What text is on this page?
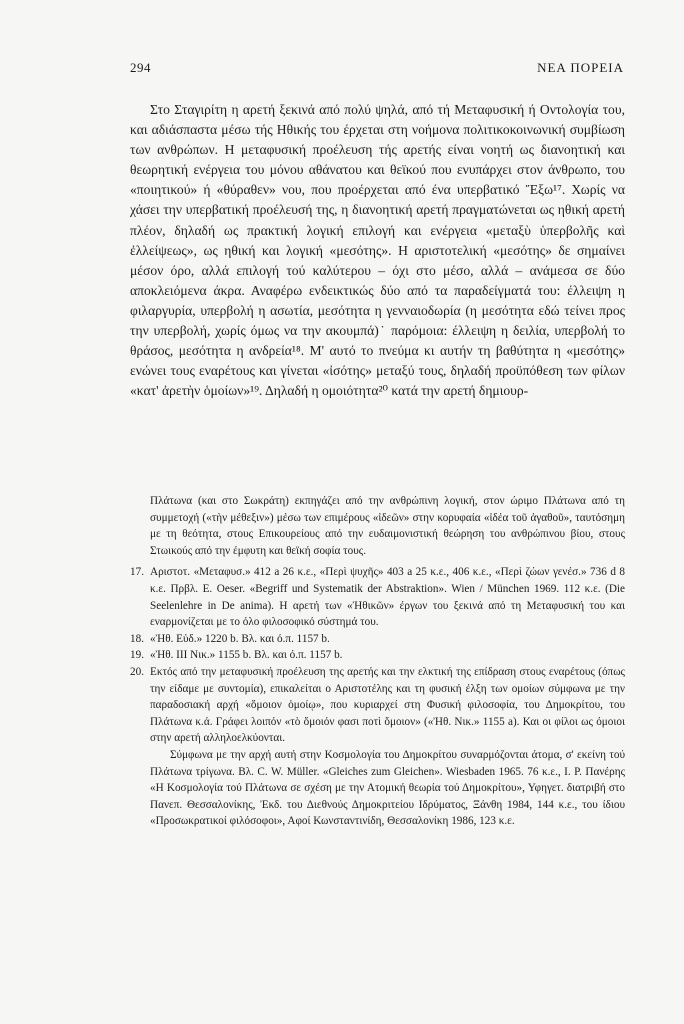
294	ΝΕΑ ΠΟΡΕΙΑ

Στο Σταγιρίτη η αρετή ξεκινά από πολύ ψηλά, από τή Μεταφυσική ή Οντολογία του, και αδιάσπαστα μέσω τής Ηθικής του έρχεται στη νοήμονα πολιτικοκοινωνική συμβίωση των ανθρώπων. Η μεταφυσική προέλευση τής αρετής είναι νοητή ως διανοητική και θεωρητική ενέργεια του μόνου αθάνατου και θεϊκού που ενυπάρχει στον άνθρωπο, του «ποιητικού» ή «θύραθεν» νου, που προέρχεται από ένα υπερβατικό Ἔξω¹⁷. Χωρίς να χάσει την υπερβατική προέλευσή της, η διανοητική αρετή πραγματώνεται ως ηθική αρετή πλέον, δηλαδή ως πρακτική λογική επιλογή και ενέργεια «μεταξὺ ὑπερβολῆς καὶ ἐλλείψεως», ως ηθική και λογική «μεσότης». Η αριστοτελική «μεσότης» δε σημαίνει μέσον όρο, αλλά επιλογή τού καλύτερου – όχι στο μέσο, αλλά – ανάμεσα σε δύο αποκλειόμενα άκρα. Αναφέρω ενδεικτικώς δύο από τα παραδείγματά του: έλλειψη η φιλαργυρία, υπερβολή η ασωτία, μεσότητα η γενναιοδωρία (η μεσότητα εδώ τείνει προς την υπερβολή, χωρίς όμως να την ακουμπά)˙ παρόμοια: έλλειψη η δειλία, υπερβολή το θράσος, μεσότητα η ανδρεία¹⁸. Μ' αυτό το πνεύμα κι αυτήν τη βαθύτητα η «μεσότης» ενώνει τους εναρέτους και γίνεται «ἰσότης» μεταξύ τους, δηλαδή προϋπόθεση των φίλων «κατ' ἀρετὴν ὁμοίων»¹⁹. Δηλαδή η ομοιότητα²⁰ κατά την αρετή δημιουρ-

Πλάτωνα (και στο Σωκράτη) εκπηγάζει από την ανθρώπινη λογική, στον ώριμο Πλάτωνα από τη συμμετοχή («τὴν μέθεξιν») μέσω των επιμέρους «ἰδεῶν» στην κορυφαία «ἰδέα τοῦ ἀγαθοῦ», ταυτόσημη με τη θεότητα, στους Επικουρείους από την ευδαιμονιστική θεώρηση του ανθρώπινου βίου, στους Στωικούς από την έμφυτη και θεϊκή σοφία τους.
17. Αριστοτ. «Μεταφυσ.» 412 a 26 κ.ε., «Περὶ ψυχῆς» 403 a 25 κ.ε., 406 κ.ε., «Περὶ ζώων γενέσ.» 736 d 8 κ.ε. Πρβλ. E. Oeser. «Begriff und Systematik der Abstraktion». Wien / München 1969. 112 κ.ε. (Die Seelenlehre in De anima). Η αρετή των «Ἠθικῶν» έργων του ξεκινά από τη Μεταφυσική του και εναρμονίζεται με το όλο φιλοσοφικό σύστημά του.
18. «Ἠθ. Εὐδ.» 1220 b. Βλ. και ό.π. 1157 b.
19. «Ἠθ. ΙΙΙ Νικ.» 1155 b. Βλ. και ό.π. 1157 b.
20. Εκτός από την μεταφυσική προέλευση της αρετής και την ελκτική της επίδραση στους εναρέτους (όπως την είδαμε με συντομία), επικαλείται ο Αριστοτέλης και τη φυσική έλξη των ομοίων σύμφωνα με την παραδοσιακή αρχή «ὅμοιον ὁμοίῳ», που κυριαρχεί στη Φυσική φιλοσοφία, του Δημοκρίτου, του Πλάτωνα κ.ά. Γράφει λοιπόν «τὸ ὅμοιόν φασι ποτὶ ὅμοιον» («Ἠθ. Νικ.» 1155 a). Και οι φίλοι ως όμοιοι στην αρετή αλληλοελκύονται.
Σύμφωνα με την αρχή αυτή στην Κοσμολογία του Δημοκρίτου συναρμόζονται άτομα, σ' εκείνη τού Πλάτωνα τρίγωνα. Βλ. C. W. Müller. «Gleiches zum Gleichen». Wiesbaden 1965. 76 κ.ε., I. P. Πανέρης «Η Κοσμολογία τού Πλάτωνα σε σχέση με την Ατομική θεωρία τού Δημοκρίτου», Υφηγετ. διατριβή στο Πανεπ. Θεσσαλονίκης, Ἐκδ. του Διεθνούς Δημοκριτείου Ιδρύματος, Ξάνθη 1984, 144 κ.ε., του ίδιου «Προσωκρατικοί φιλόσοφοι», Αφοί Κωνσταντινίδη, Θεσσαλονίκη 1986, 123 κ.ε.
